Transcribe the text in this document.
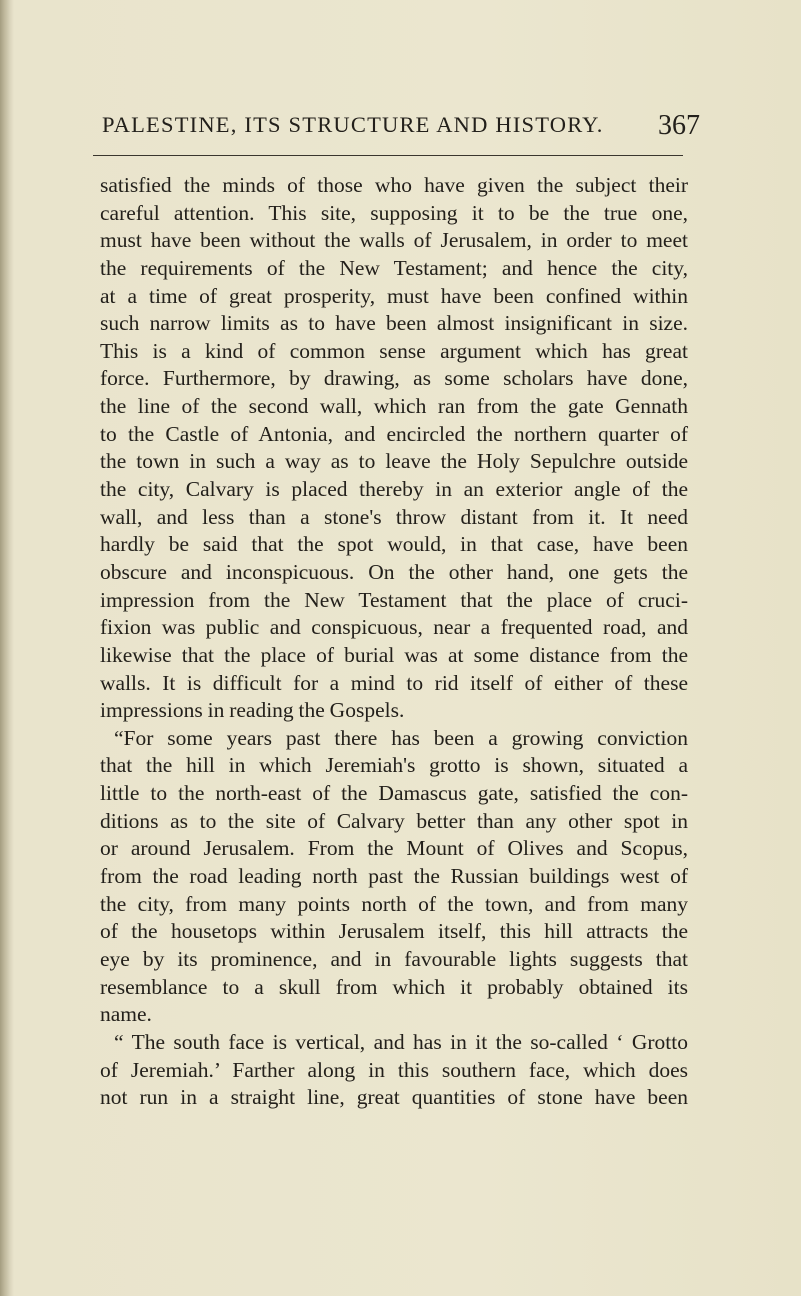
PALESTINE, ITS STRUCTURE AND HISTORY. 367
satisfied the minds of those who have given the subject their
careful attention. This site, supposing it to be the true one,
must have been without the walls of Jerusalem, in order to meet
the requirements of the New Testament; and hence the city,
at a time of great prosperity, must have been confined within
such narrow limits as to have been almost insignificant in size.
This is a kind of common sense argument which has great
force. Furthermore, by drawing, as some scholars have done,
the line of the second wall, which ran from the gate Gennath
to the Castle of Antonia, and encircled the northern quarter of
the town in such a way as to leave the Holy Sepulchre outside
the city, Calvary is placed thereby in an exterior angle of the
wall, and less than a stone's throw distant from it. It need
hardly be said that the spot would, in that case, have been
obscure and inconspicuous. On the other hand, one gets the
impression from the New Testament that the place of cruci-
fixion was public and conspicuous, near a frequented road, and
likewise that the place of burial was at some distance from the
walls. It is difficult for a mind to rid itself of either of these
impressions in reading the Gospels.
“For some years past there has been a growing conviction
that the hill in which Jeremiah's grotto is shown, situated a
little to the north-east of the Damascus gate, satisfied the con-
ditions as to the site of Calvary better than any other spot in
or around Jerusalem. From the Mount of Olives and Scopus,
from the road leading north past the Russian buildings west of
the city, from many points north of the town, and from many
of the housetops within Jerusalem itself, this hill attracts the
eye by its prominence, and in favourable lights suggests that
resemblance to a skull from which it probably obtained its
name.
“ The south face is vertical, and has in it the so-called ‘ Grotto
of Jeremiah.’ Farther along in this southern face, which does
not run in a straight line, great quantities of stone have been
